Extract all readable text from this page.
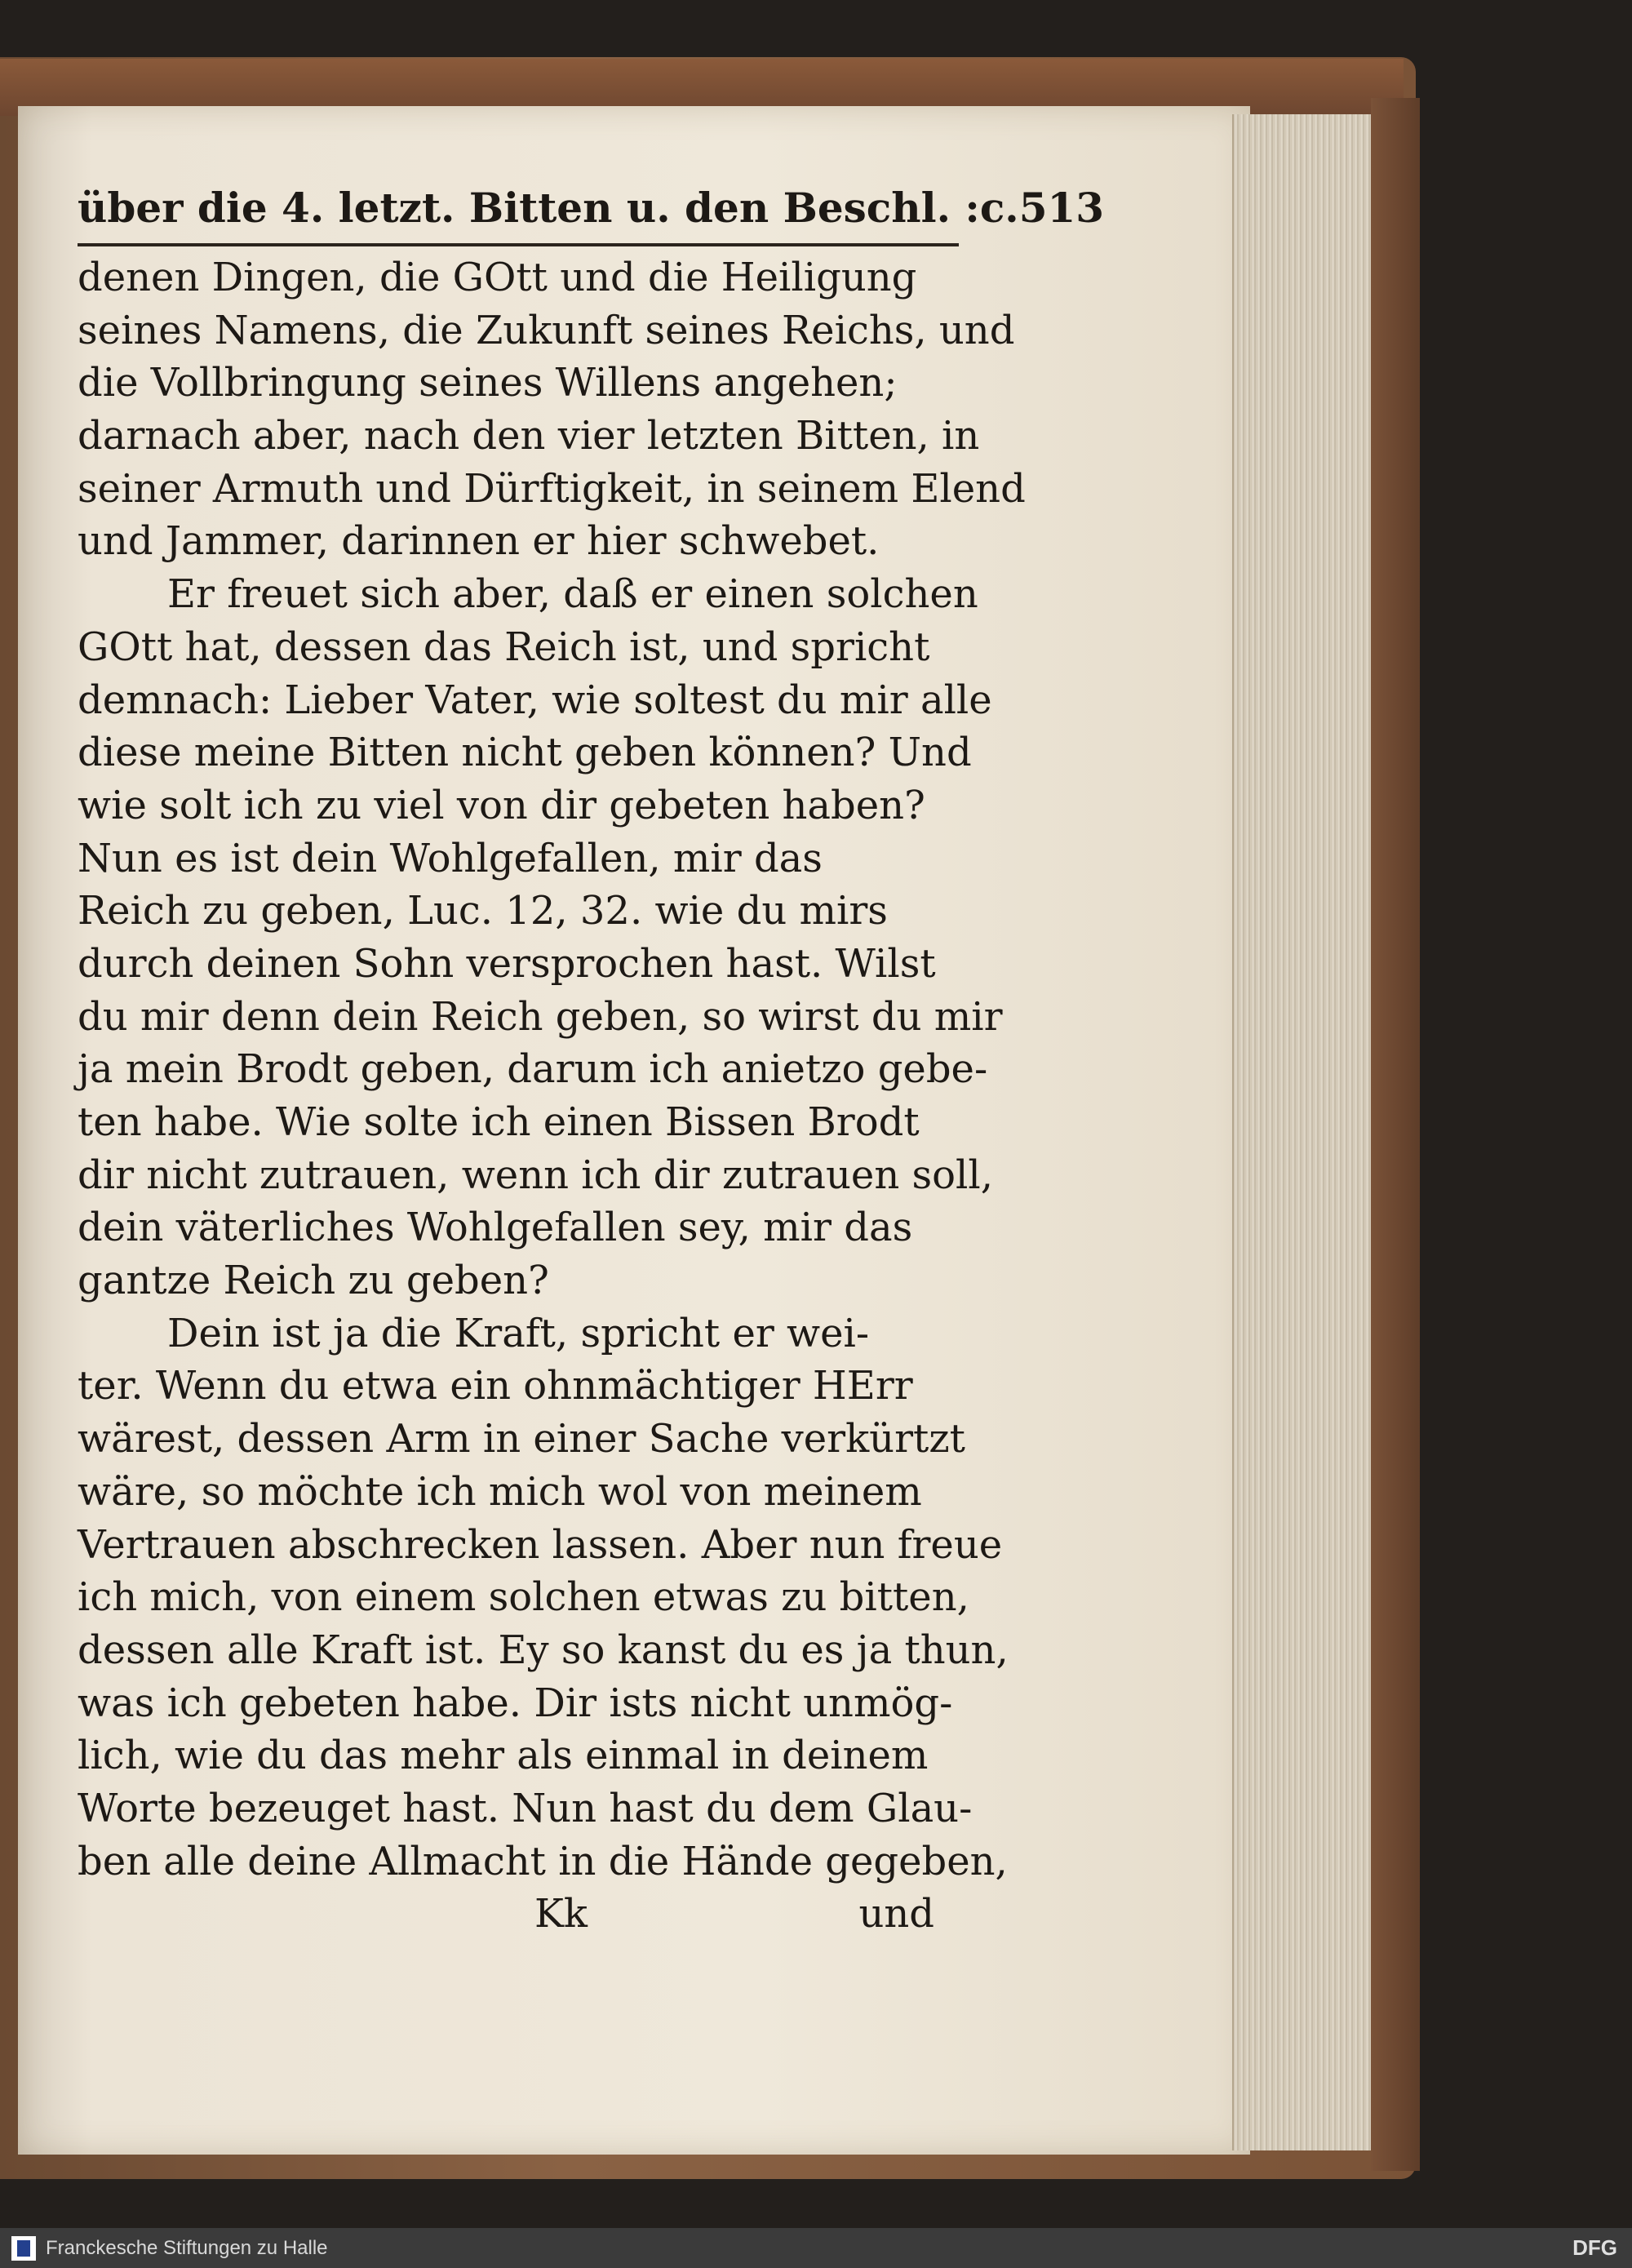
über die 4. letzt. Bitten u. den Beschl. :c. 513
denen Dingen, die GOtt und die Heiligung
seines Namens, die Zukunft seines Reichs, und
die Vollbringung seines Willens angehen;
darnach aber, nach den vier letzten Bitten, in
seiner Armuth und Dürftigkeit, in seinem Elend
und Jammer, darinnen er hier schwebet.
Er freuet sich aber, daß er einen solchen
GOtt hat, dessen das Reich ist, und spricht
demnach: Lieber Vater, wie soltest du mir alle
diese meine Bitten nicht geben können? Und
wie solt ich zu viel von dir gebeten haben?
Nun es ist dein Wohlgefallen, mir das
Reich zu geben, Luc. 12, 32. wie du mirs
durch deinen Sohn versprochen hast. Wilst
du mir denn dein Reich geben, so wirst du mir
ja mein Brodt geben, darum ich anietzo gebe-
ten habe. Wie solte ich einen Bissen Brodt
dir nicht zutrauen, wenn ich dir zutrauen soll,
dein väterliches Wohlgefallen sey, mir das
gantze Reich zu geben?
Dein ist ja die Kraft, spricht er wei-
ter. Wenn du etwa ein ohnmächtiger HErr
wärest, dessen Arm in einer Sache verkürtzt
wäre, so möchte ich mich wol von meinem
Vertrauen abschrecken lassen. Aber nun freue
ich mich, von einem solchen etwas zu bitten,
dessen alle Kraft ist. Ey so kanst du es ja thun,
was ich gebeten habe. Dir ists nicht unmög-
lich, wie du das mehr als einmal in deinem
Worte bezeuget hast. Nun hast du dem Glau-
ben alle deine Allmacht in die Hände gegeben,
Kk	und
Franckesche Stiftungen zu Halle	DFG
